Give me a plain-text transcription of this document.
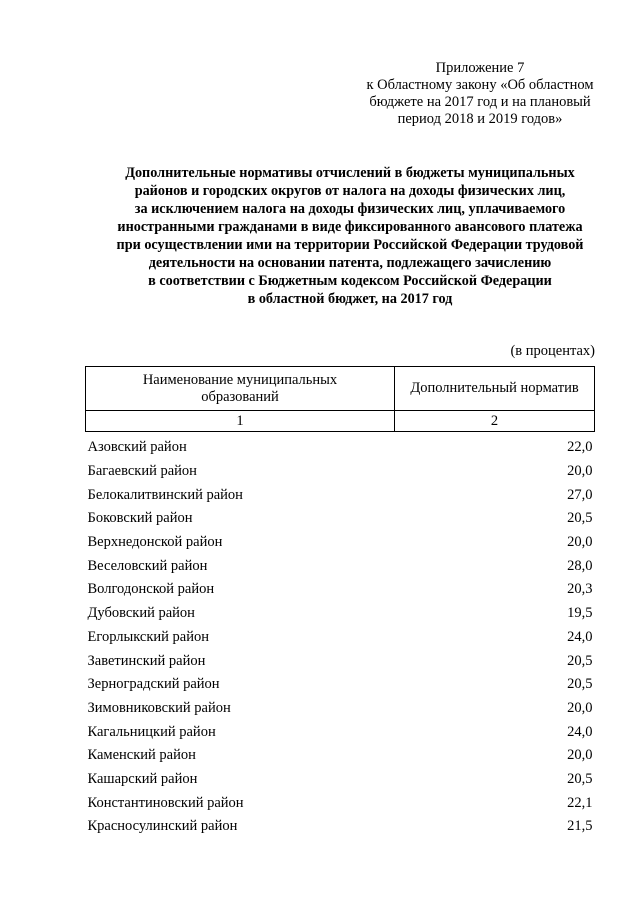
Приложение 7
к Областному закону «Об областном
бюджете на 2017 год и на плановый
период 2018 и 2019 годов»
Дополнительные нормативы отчислений в бюджеты муниципальных
районов и городских округов от налога на доходы физических лиц,
за исключением налога на доходы физических лиц, уплачиваемого
иностранными гражданами в виде фиксированного авансового платежа
при осуществлении ими на территории Российской Федерации трудовой
деятельности на основании патента, подлежащего зачислению
в соответствии с Бюджетным кодексом Российской Федерации
в областной бюджет, на 2017 год
(в процентах)
Наименование муниципальных
образований	Дополнительный норматив
1	2
Азовский район	22,0
Багаевский район	20,0
Белокалитвинский район	27,0
Боковский район	20,5
Верхнедонской район	20,0
Веселовский район	28,0
Волгодонской район	20,3
Дубовский район	19,5
Егорлыкский район	24,0
Заветинский район	20,5
Зерноградский район	20,5
Зимовниковский район	20,0
Кагальницкий район	24,0
Каменский район	20,0
Кашарский район	20,5
Константиновский район	22,1
Красносулинский район	21,5
